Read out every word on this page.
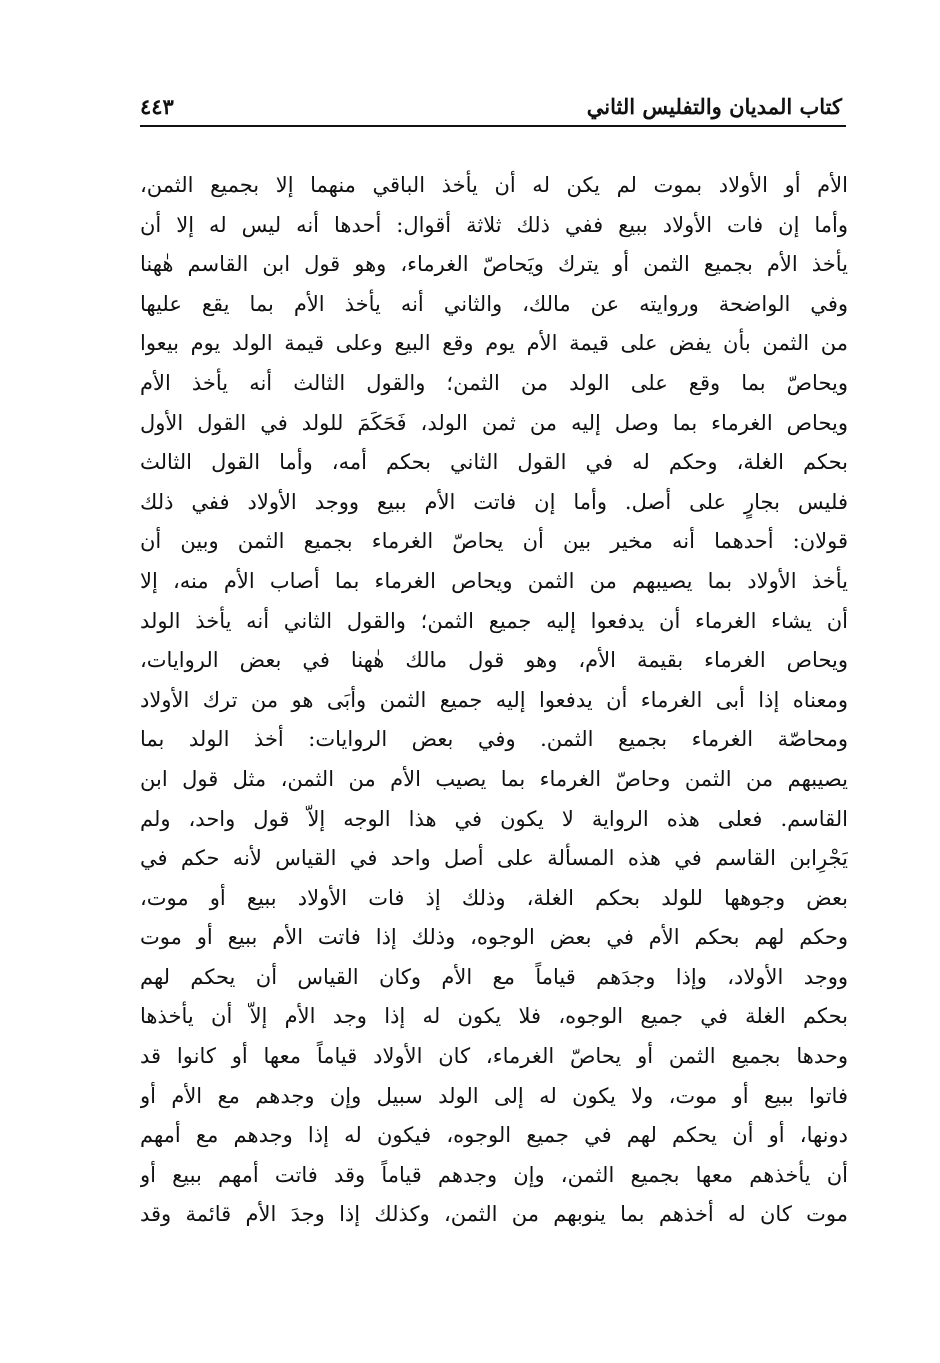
كتاب المديان والتفليس الثاني
٤٤٣
الأم أو الأولاد بموت لم يكن له أن يأخذ الباقي منهما إلا بجميع الثمن،
وأما إن فات الأولاد ببيع ففي ذلك ثلاثة أقوال: أحدها أنه ليس له إلا أن
يأخذ الأم بجميع الثمن أو يترك ويَحاصّ الغرماء، وهو قول ابن القاسم هٰهنا
وفي الواضحة وروايته عن مالك، والثاني أنه يأخذ الأم بما يقع عليها
من الثمن بأن يفض على قيمة الأم يوم وقع البيع وعلى قيمة الولد يوم بيعوا
ويحاصّ بما وقع على الولد من الثمن؛ والقول الثالث أنه يأخذ الأم
ويحاص الغرماء بما وصل إليه من ثمن الولد، فَحَكَمَ للولد في القول الأول
بحكم الغلة، وحكم له في القول الثاني بحكم أمه، وأما القول الثالث
فليس بجارٍ على أصل. وأما إن فاتت الأم ببيع ووجد الأولاد ففي ذلك
قولان: أحدهما أنه مخير بين أن يحاصّ الغرماء بجميع الثمن وبين أن
يأخذ الأولاد بما يصيبهم من الثمن ويحاص الغرماء بما أصاب الأم منه، إلا
أن يشاء الغرماء أن يدفعوا إليه جميع الثمن؛ والقول الثاني أنه يأخذ الولد
ويحاص الغرماء بقيمة الأم، وهو قول مالك هٰهنا في بعض الروايات،
ومعناه إذا أبى الغرماء أن يدفعوا إليه جميع الثمن وأبَى هو من ترك الأولاد
ومحاصّة الغرماء بجميع الثمن. وفي بعض الروايات: أخذ الولد بما
يصيبهم من الثمن وحاصّ الغرماء بما يصيب الأم من الثمن، مثل قول ابن
القاسم. فعلى هذه الرواية لا يكون في هذا الوجه إلاّ قول واحد، ولم
يَجْرِابن القاسم في هذه المسألة على أصل واحد في القياس لأنه حكم في
بعض وجوهها للولد بحكم الغلة، وذلك إذ فات الأولاد ببيع أو موت،
وحكم لهم بحكم الأم في بعض الوجوه، وذلك إذا فاتت الأم ببيع أو موت
ووجد الأولاد، وإذا وجدَهم قياماً مع الأم وكان القياس أن يحكم لهم
بحكم الغلة في جميع الوجوه، فلا يكون له إذا وجد الأم إلاّ أن يأخذها
وحدها بجميع الثمن أو يحاصّ الغرماء، كان الأولاد قياماً معها أو كانوا قد
فاتوا ببيع أو موت، ولا يكون له إلى الولد سبيل وإن وجدهم مع الأم أو
دونها، أو أن يحكم لهم في جميع الوجوه، فيكون له إذا وجدهم مع أمهم
أن يأخذهم معها بجميع الثمن، وإن وجدهم قياماً وقد فاتت أمهم ببيع أو
موت كان له أخذهم بما ينوبهم من الثمن، وكذلك إذا وجدَ الأم قائمة وقد
